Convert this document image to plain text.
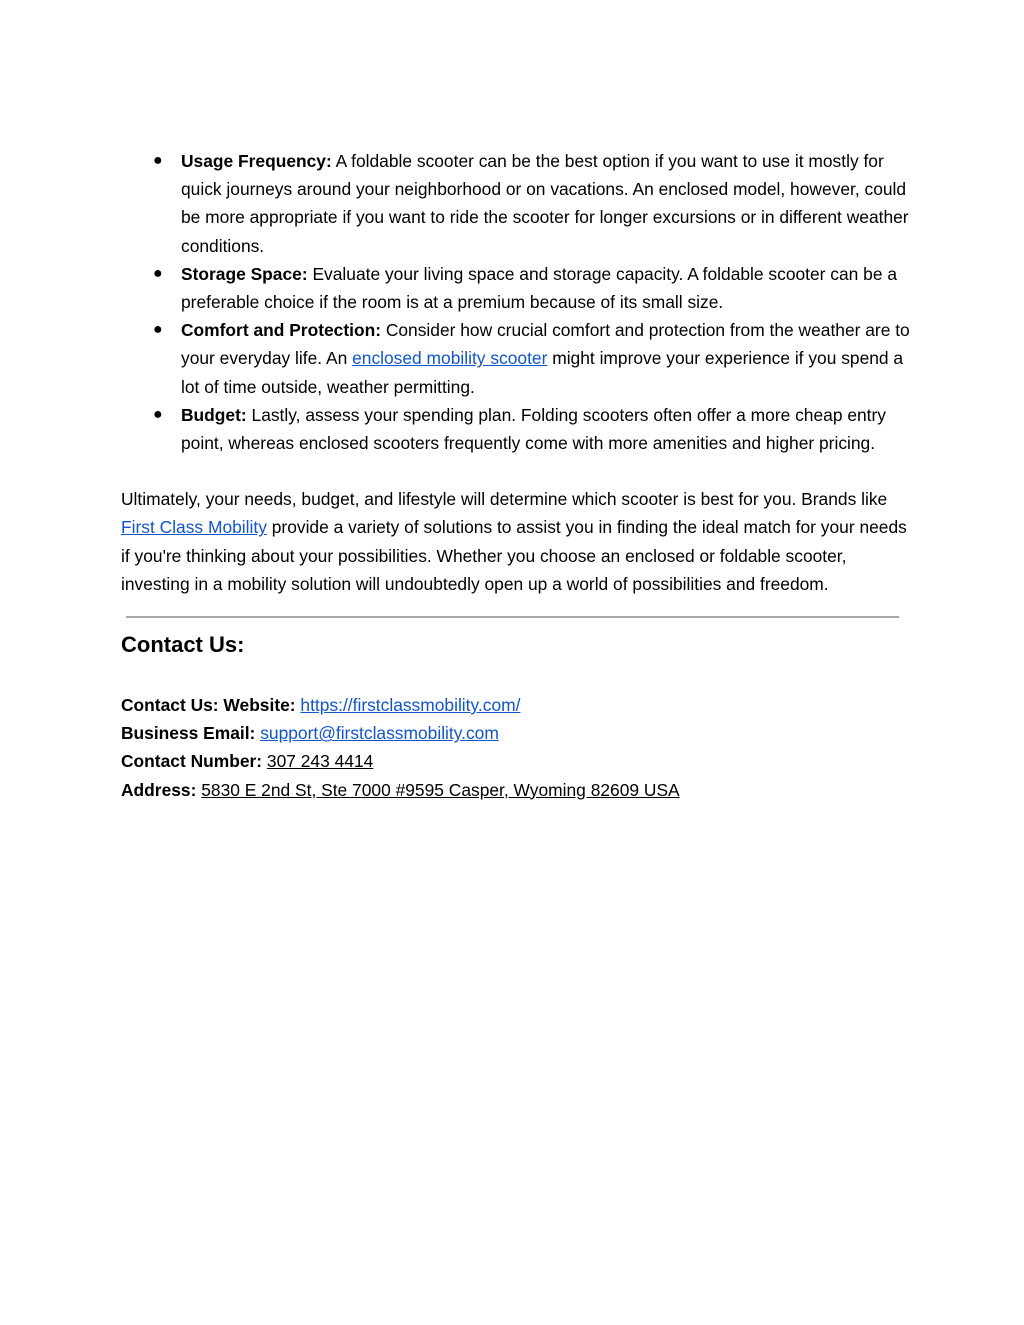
● Usage Frequency: A foldable scooter can be the best option if you want to use it mostly for quick journeys around your neighborhood or on vacations. An enclosed model, however, could be more appropriate if you want to ride the scooter for longer excursions or in different weather conditions.
● Storage Space: Evaluate your living space and storage capacity. A foldable scooter can be a preferable choice if the room is at a premium because of its small size.
● Comfort and Protection: Consider how crucial comfort and protection from the weather are to your everyday life. An enclosed mobility scooter might improve your experience if you spend a lot of time outside, weather permitting.
● Budget: Lastly, assess your spending plan. Folding scooters often offer a more cheap entry point, whereas enclosed scooters frequently come with more amenities and higher pricing.

Ultimately, your needs, budget, and lifestyle will determine which scooter is best for you. Brands like First Class Mobility provide a variety of solutions to assist you in finding the ideal match for your needs if you're thinking about your possibilities. Whether you choose an enclosed or foldable scooter, investing in a mobility solution will undoubtedly open up a world of possibilities and freedom.

Contact Us:
Contact Us: Website: https://firstclassmobility.com/
Business Email: support@firstclassmobility.com
Contact Number: 307 243 4414
Address: 5830 E 2nd St, Ste 7000 #9595 Casper, Wyoming 82609 USA
